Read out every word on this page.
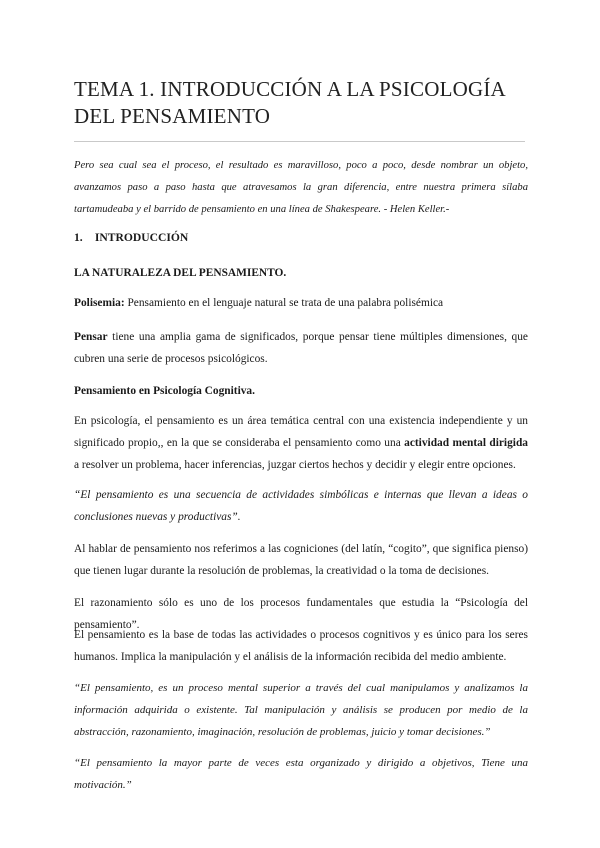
TEMA 1. INTRODUCCIÓN A LA PSICOLOGÍA
DEL PENSAMIENTO

Pero sea cual sea el proceso, el resultado es maravilloso, poco a poco, desde nombrar un objeto, avanzamos paso a paso hasta que atravesamos la gran diferencia, entre nuestra primera sílaba tartamudeaba y el barrido de pensamiento en una línea de Shakespeare. - Helen Keller.-

1. INTRODUCCIÓN

LA NATURALEZA DEL PENSAMIENTO.

Polisemia: Pensamiento en el lenguaje natural se trata de una palabra polisémica

Pensar tiene una amplia gama de significados, porque pensar tiene múltiples dimensiones, que cubren una serie de procesos psicológicos.

Pensamiento en Psicología Cognitiva.

En psicología, el pensamiento es un área temática central con una existencia independiente y un significado propio,, en la que se consideraba el pensamiento como una actividad mental dirigida a resolver un problema, hacer inferencias, juzgar ciertos hechos y decidir y elegir entre opciones.

“El pensamiento es una secuencia de actividades simbólicas e internas que llevan a ideas o conclusiones nuevas y productivas”.

Al hablar de pensamiento nos referimos a las cogniciones (del latín, “cogito”, que significa pienso) que tienen lugar durante la resolución de problemas, la creatividad o la toma de decisiones.

El razonamiento sólo es uno de los procesos fundamentales que estudia la “Psicología del pensamiento”.

El pensamiento es la base de todas las actividades o procesos cognitivos y es único para los seres humanos. Implica la manipulación y el análisis de la información recibida del medio ambiente.

“El pensamiento, es un proceso mental superior a través del cual manipulamos y analizamos la información adquirida o existente. Tal manipulación y análisis se producen por medio de la abstracción, razonamiento, imaginación, resolución de problemas, juicio y tomar decisiones.”

“El pensamiento la mayor parte de veces esta organizado y dirigido a objetivos, Tiene una motivación.”
